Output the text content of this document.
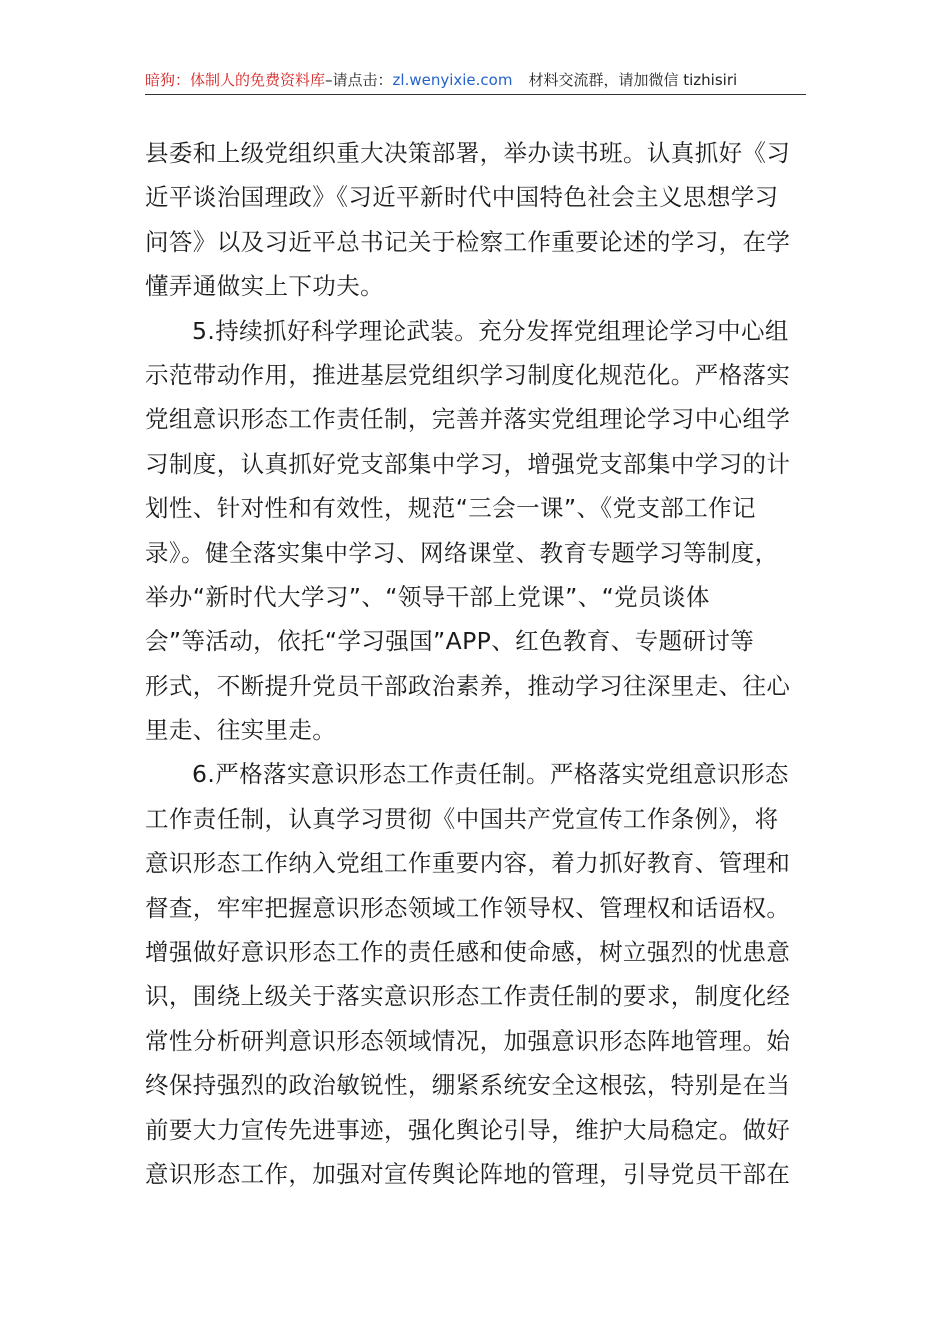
暗狗：体制人的免费资料库–请点击：zl.wenyixie.com 材料交流群，请加微信 tizhisiri
县委和上级党组织重大决策部署，举办读书班。认真抓好《习
近平谈治国理政》《习近平新时代中国特色社会主义思想学习
问答》以及习近平总书记关于检察工作重要论述的学习，在学
懂弄通做实上下功夫。
5.持续抓好科学理论武装。充分发挥党组理论学习中心组
示范带动作用，推进基层党组织学习制度化规范化。严格落实
党组意识形态工作责任制，完善并落实党组理论学习中心组学
习制度，认真抓好党支部集中学习，增强党支部集中学习的计
划性、针对性和有效性，规范“三会一课”、《党支部工作记
录》。健全落实集中学习、网络课堂、教育专题学习等制度，
举办“新时代大学习”、“领导干部上党课”、“党员谈体
会”等活动，依托“学习强国”APP、红色教育、专题研讨等
形式，不断提升党员干部政治素养，推动学习往深里走、往心
里走、往实里走。
6.严格落实意识形态工作责任制。严格落实党组意识形态
工作责任制，认真学习贯彻《中国共产党宣传工作条例》，将
意识形态工作纳入党组工作重要内容，着力抓好教育、管理和
督查，牢牢把握意识形态领域工作领导权、管理权和话语权。
增强做好意识形态工作的责任感和使命感，树立强烈的忧患意
识，围绕上级关于落实意识形态工作责任制的要求，制度化经
常性分析研判意识形态领域情况，加强意识形态阵地管理。始
终保持强烈的政治敏锐性，绷紧系统安全这根弦，特别是在当
前要大力宣传先进事迹，强化舆论引导，维护大局稳定。做好
意识形态工作，加强对宣传舆论阵地的管理，引导党员干部在
